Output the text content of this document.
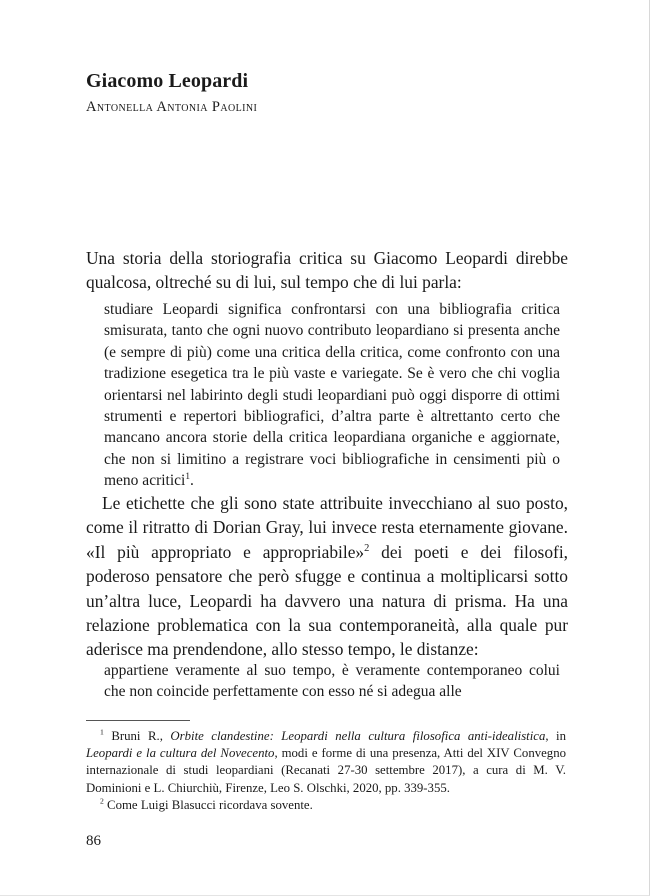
Giacomo Leopardi
Antonella Antonia Paolini

Una storia della storiografia critica su Giacomo Leopardi direbbe qualcosa, oltreché su di lui, sul tempo che di lui parla:

studiare Leopardi significa confrontarsi con una bibliografia critica smisurata, tanto che ogni nuovo contributo leopardiano si presenta anche (e sempre di più) come una critica della critica, come confronto con una tradizione esegetica tra le più vaste e variegate. Se è vero che chi voglia orientarsi nel labirinto degli studi leopardiani può oggi disporre di ottimi strumenti e repertori bibliografici, d’altra parte è altrettanto certo che mancano ancora storie della critica leopardiana organiche e aggiornate, che non si limitino a registrare voci bibliografiche in censimenti più o meno acritici$^1$.

Le etichette che gli sono state attribuite invecchiano al suo posto, come il ritratto di Dorian Gray, lui invece resta eternamente giovane. «Il più appropriato e appropriabile»$^2$ dei poeti e dei filosofi, poderoso pensatore che però sfugge e continua a moltiplicarsi sotto un’altra luce, Leopardi ha davvero una natura di prisma. Ha una relazione problematica con la sua contemporaneità, alla quale pur aderisce ma prendendone, allo stesso tempo, le distanze:

appartiene veramente al suo tempo, è veramente contemporaneo colui che non coincide perfettamente con esso né si adegua alle

$^1$ Bruni R., Orbite clandestine: Leopardi nella cultura filosofica anti-idealistica, in Leopardi e la cultura del Novecento, modi e forme di una presenza, Atti del XIV Convegno internazionale di studi leopardiani (Recanati 27-30 settembre 2017), a cura di M. V. Dominioni e L. Chiurchiù, Firenze, Leo S. Olschki, 2020, pp. 339-355.

$^2$ Come Luigi Blasucci ricordava sovente.

86
